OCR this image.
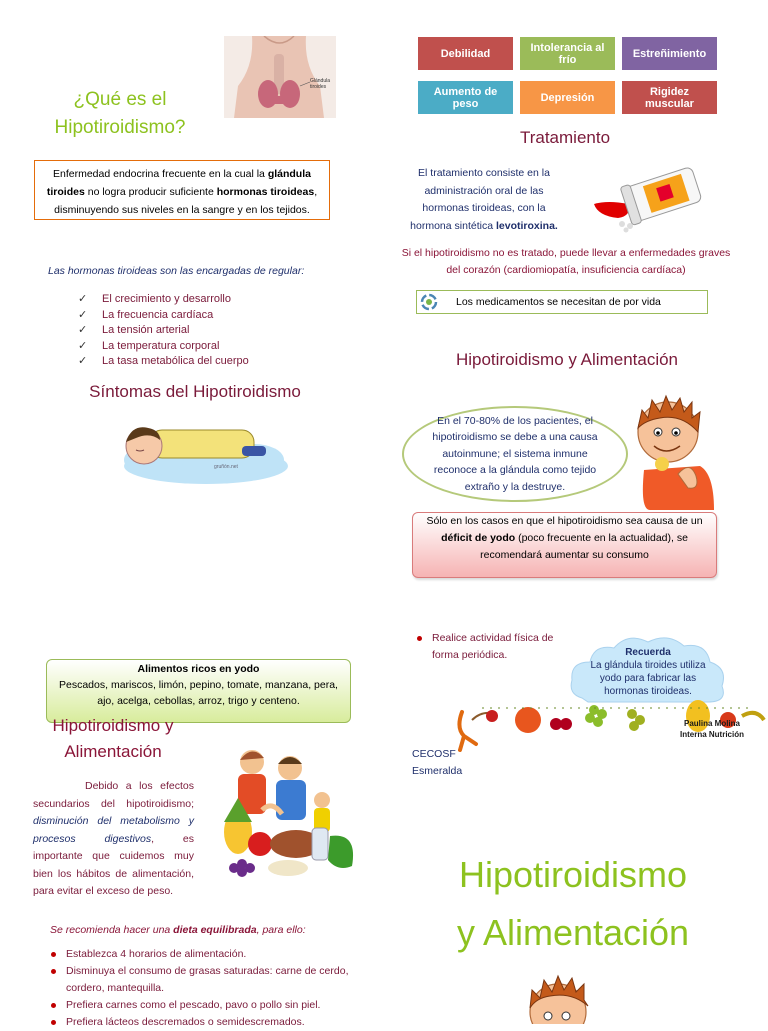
Glándula tiroides
¿Qué es el
Hipotiroidismo?
Enfermedad endocrina frecuente en la cual la glándula tiroides no logra producir suficiente hormonas tiroideas, disminuyendo sus niveles en la sangre y en los tejidos.
Las hormonas tiroideas son las encargadas de regular:
✓ El crecimiento y desarrollo
✓ La frecuencia cardíaca
✓ La tensión arterial
✓ La temperatura corporal
✓ La tasa metabólica del cuerpo
Síntomas del Hipotiroidismo
gruñón.net
Debilidad	Intolerancia al frío	Estreñimiento
Aumento de peso	Depresión	Rigidez muscular
Tratamiento
El tratamiento consiste en la administración oral de las hormonas tiroideas, con la hormona sintética levotiroxina.
Si el hipotiroidismo no es tratado, puede llevar a enfermedades graves del corazón (cardiomiopatía, insuficiencia cardíaca)
Los medicamentos se necesitan de por vida
Hipotiroidismo y Alimentación
En el 70-80% de los pacientes, el hipotiroidismo se debe a una causa autoinmune; el sistema inmune reconoce a la glándula como tejido extraño y la destruye.
Sólo en los casos en que el hipotiroidismo sea causa de un déficit de yodo (poco frecuente en la actualidad), se recomendará aumentar su consumo
Alimentos ricos en yodo
Pescados, mariscos, limón, pepino, tomate, manzana, pera, ajo, acelga, cebollas, arroz, trigo y centeno.
Hipotiroidismo y
Alimentación
Debido a los efectos secundarios del hipotiroidismo; disminución del metabolismo y procesos digestivos, es importante que cuidemos muy bien los hábitos de alimentación, para evitar el exceso de peso.
Se recomienda hacer una dieta equilibrada, para ello:
Establezca 4 horarios de alimentación.
Disminuya el consumo de grasas saturadas: carne de cerdo, cordero, mantequilla.
Prefiera carnes como el pescado, pavo o pollo sin piel.
Prefiera lácteos descremados o semidescremados.
Realice actividad física de forma periódica.	Recuerda
La glándula tiroides utiliza yodo para fabricar las hormonas tiroideas.
Paulina Molina
Interna Nutrición
CECOSF
Esmeralda
Hipotiroidismo
y Alimentación
